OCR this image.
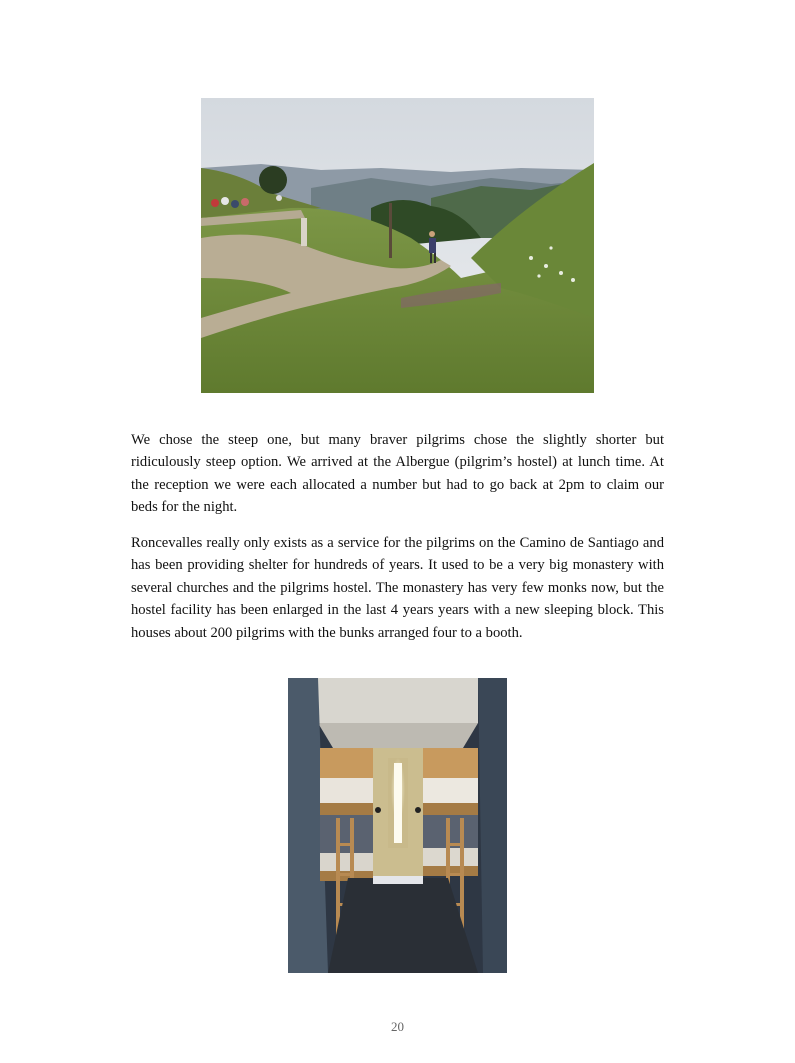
We chose the steep one, but many braver pilgrims chose the slightly shorter but ridiculously steep option. We arrived at the Albergue (pilgrim’s hostel) at lunch time. At the reception we were each allocated a number but had to go back at 2pm to claim our beds for the night.

Roncevalles really only exists as a service for the pilgrims on the Camino de Santiago and has been providing shelter for hundreds of years. It used to be a very big monastery with several churches and the pilgrims hostel. The monastery has very few monks now, but the hostel facility has been enlarged in the last 4 years years with a new sleeping block. This houses about 200 pilgrims with the bunks arranged four to a booth.

20
